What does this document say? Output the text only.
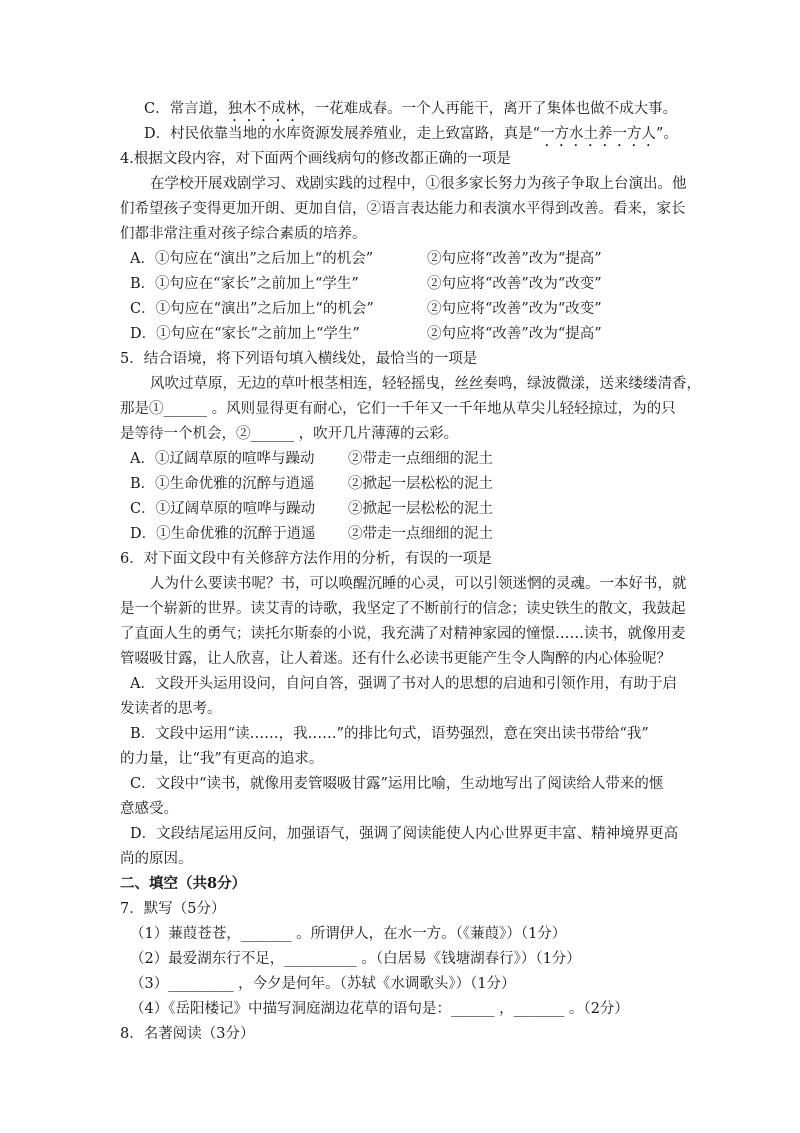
C．常言道，独木不成林，一花难成春。一个人再能干，离开了集体也做不成大事。
D．村民依靠当地的水库资源发展养殖业，走上致富路，真是“一方水土养一方人”。
4.根据文段内容，对下面两个画线病句的修改都正确的一项是
在学校开展戏剧学习、戏剧实践的过程中，①很多家长努力为孩子争取上台演出。他
们希望孩子变得更加开朗、更加自信，②语言表达能力和表演水平得到改善。看来，家长
们都非常注重对孩子综合素质的培养。
A．①句应在“演出”之后加上“的机会”	②句应将“改善”改为“提高”
B．①句应在“家长”之前加上“学生”	②句应将“改善”改为“改变”
C．①句应在“演出”之后加上“的机会”	②句应将“改善”改为“改变”
D．①句应在“家长”之前加上“学生”	②句应将“改善”改为“提高”
5．结合语境，将下列语句填入横线处，最恰当的一项是
风吹过草原，无边的草叶根茎相连，轻轻摇曳，丝丝奏鸣，绿波微漾，送来缕缕清香，
那是①______ 。风则显得更有耐心，它们一千年又一千年地从草尖儿轻轻掠过，为的只
是等待一个机会，②______ ，吹开几片薄薄的云彩。
A．①辽阔草原的喧哗与躁动 ②带走一点细细的泥土
B．①生命优雅的沉醉与逍遥 ②掀起一层松松的泥土
C．①辽阔草原的喧哗与躁动 ②掀起一层松松的泥土
D．①生命优雅的沉醉于逍遥 ②带走一点细细的泥土
6．对下面文段中有关修辞方法作用的分析，有误的一项是
人为什么要读书呢？书，可以唤醒沉睡的心灵，可以引领迷惘的灵魂。一本好书，就
是一个崭新的世界。读艾青的诗歌，我坚定了不断前行的信念；读史铁生的散文，我鼓起
了直面人生的勇气；读托尔斯泰的小说，我充满了对精神家园的憧憬……读书，就像用麦
管啜吸甘露，让人欣喜，让人着迷。还有什么必读书更能产生令人陶醉的内心体验呢？
A．文段开头运用设问，自问自答，强调了书对人的思想的启迪和引领作用，有助于启
发读者的思考。
B．文段中运用“读……，我……”的排比句式，语势强烈，意在突出读书带给“我”
的力量，让“我”有更高的追求。
C．文段中“读书，就像用麦管啜吸甘露”运用比喻，生动地写出了阅读给人带来的惬
意感受。
D．文段结尾运用反问，加强语气，强调了阅读能使人内心世界更丰富、精神境界更高
尚的原因。
二、填空（共8分）
7．默写（5分）
（1）蒹葭苍苍，_______ 。所谓伊人，在水一方。（《蒹葭》）（1分）
（2）最爱湖东行不足，__________ 。（白居易《钱塘湖春行》）（1分）
（3）_________ ，今夕是何年。（苏轼《水调歌头》）（1分）
（4）《岳阳楼记》中描写洞庭湖边花草的语句是：______ ，_______ 。（2分）
8．名著阅读（3分）
